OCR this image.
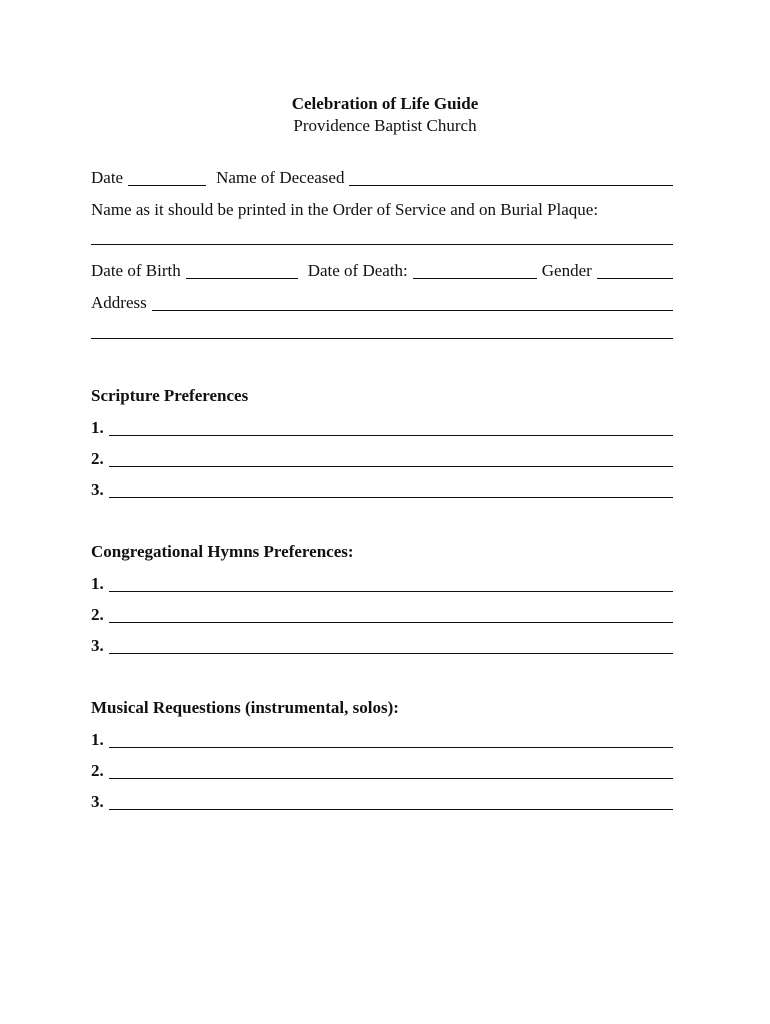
Celebration of Life Guide
Providence Baptist Church
Date	Name of Deceased
Name as it should be printed in the Order of Service and on Burial Plaque:
Date of Birth	Date of Death:	Gender
Address
Scripture Preferences
1.
2.
3.
Congregational Hymns Preferences:
1.
2.
3.
Musical Requestions (instrumental, solos):
1.
2.
3.
